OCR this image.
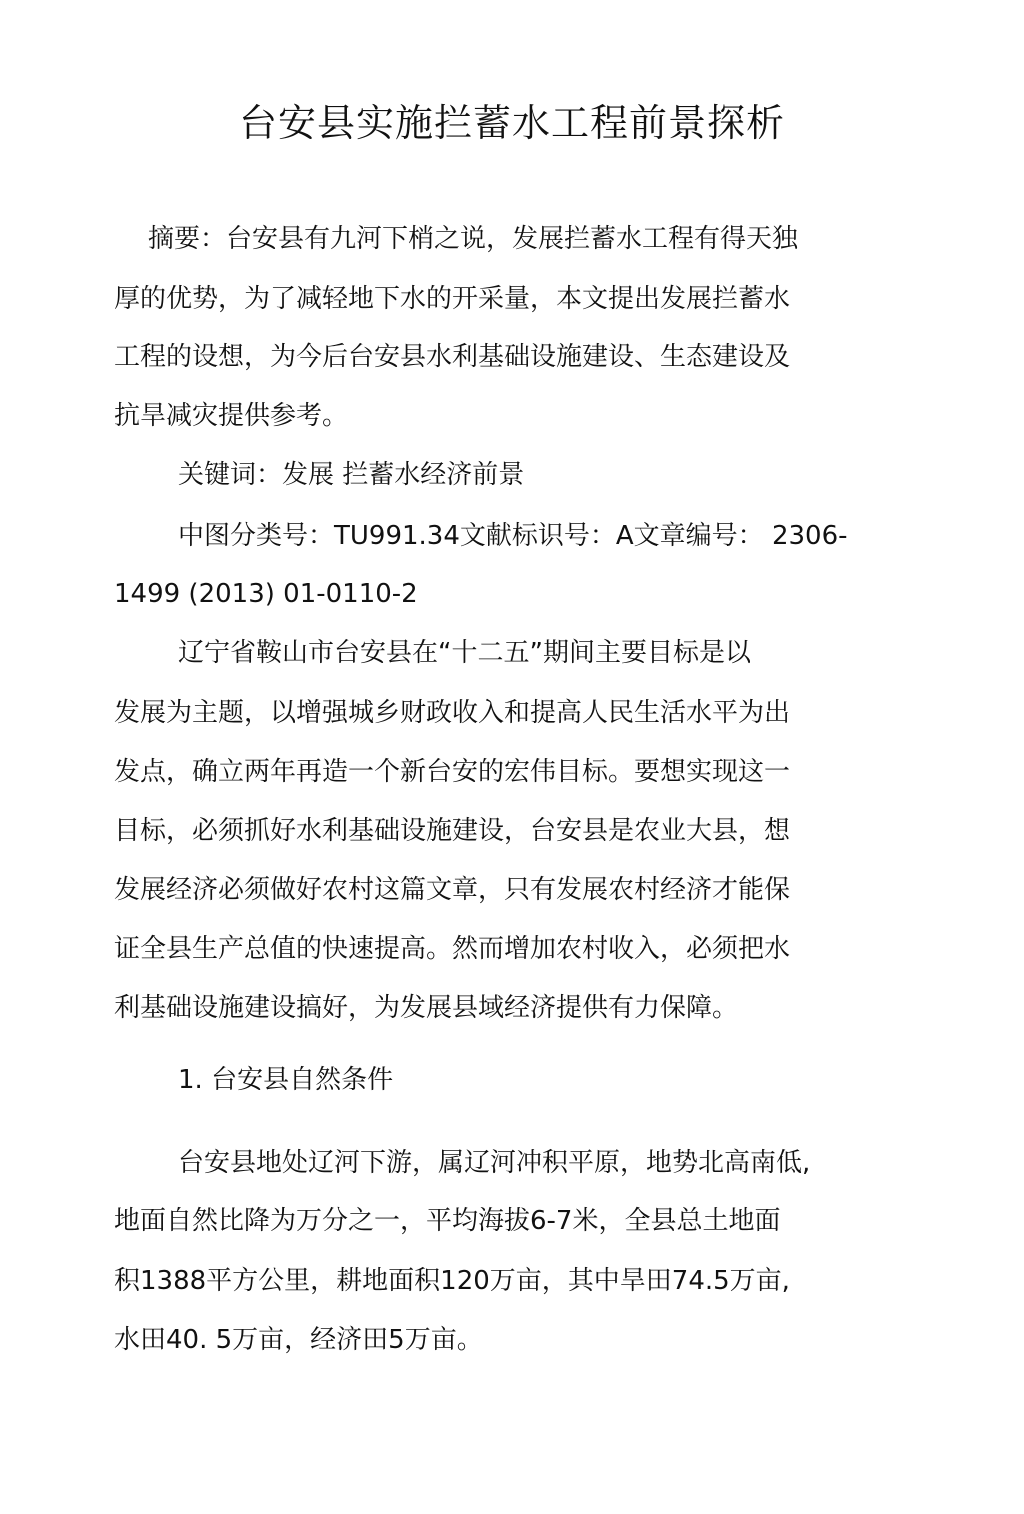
台安县实施拦蓄水工程前景探析
摘要：台安县有九河下梢之说，发展拦蓄水工程有得天独
厚的优势，为了减轻地下水的开采量，本文提出发展拦蓄水
工程的设想，为今后台安县水利基础设施建设、生态建设及
抗旱减灾提供参考。
关键词：发展 拦蓄水经济前景
中图分类号：TU991.34文献标识号：A文章编号： 2306-
1499 (2013) 01-0110-2
辽宁省鞍山市台安县在“十二五”期间主要目标是以
发展为主题，以增强城乡财政收入和提高人民生活水平为出
发点，确立两年再造一个新台安的宏伟目标。要想实现这一
目标，必须抓好水利基础设施建设，台安县是农业大县，想
发展经济必须做好农村这篇文章，只有发展农村经济才能保
证全县生产总值的快速提高。然而增加农村收入，必须把水
利基础设施建设搞好，为发展县域经济提供有力保障。
1. 台安县自然条件
台安县地处辽河下游，属辽河冲积平原，地势北高南低,
地面自然比降为万分之一，平均海拔6-7米，全县总土地面
积1388平方公里，耕地面积120万亩，其中旱田74.5万亩,
水田40. 5万亩，经济田5万亩。
